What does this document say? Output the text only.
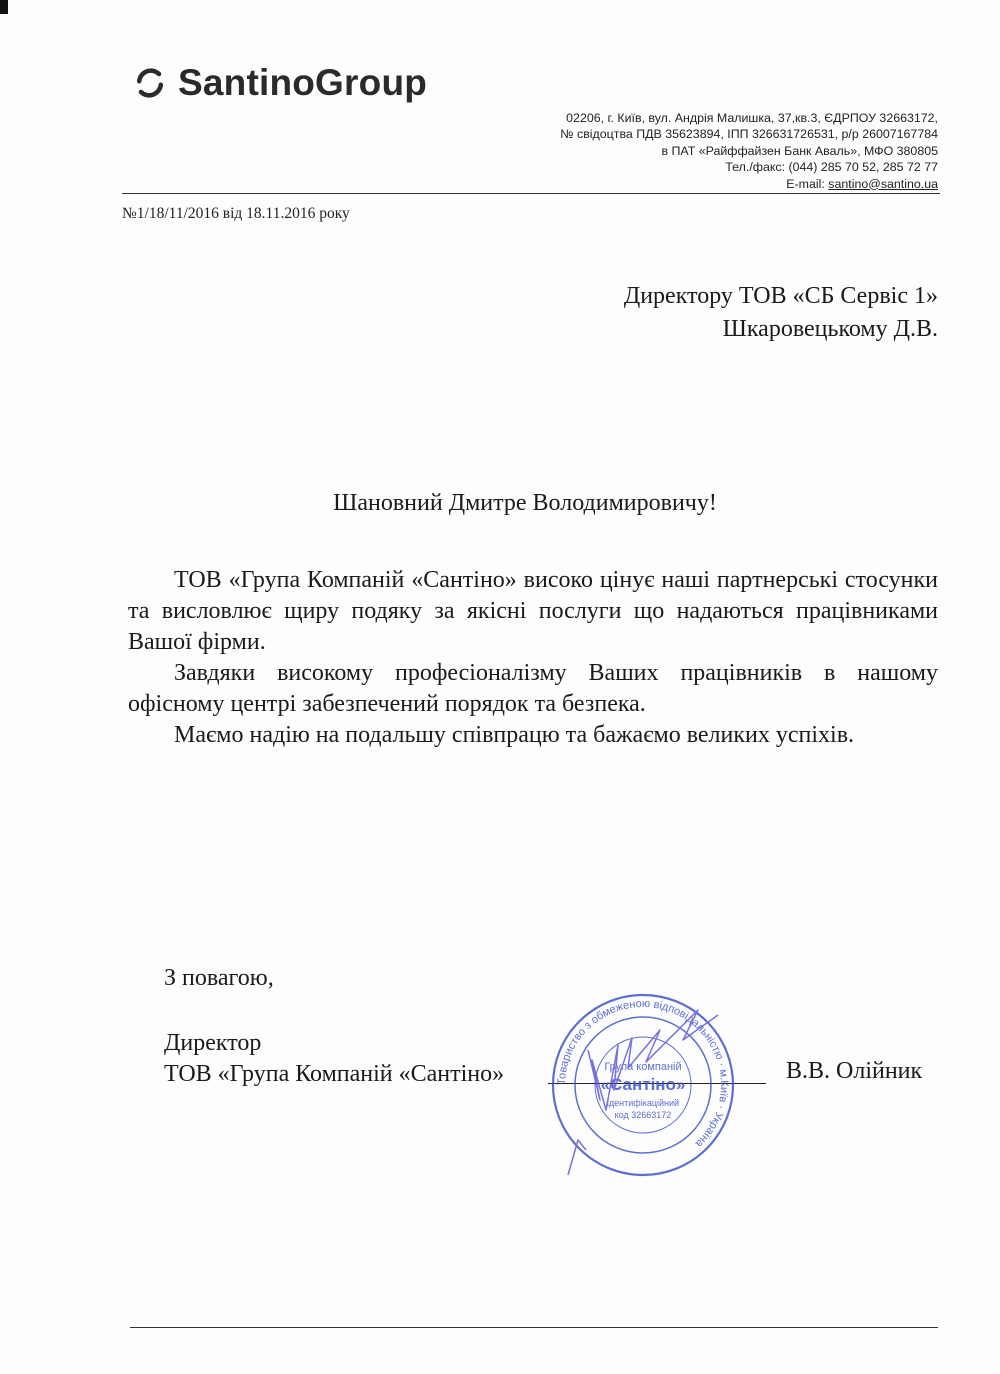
SantinoGroup
02206, г. Київ, вул. Андрія Малишка, 37,кв.3, ЄДРПОУ 32663172,
№ свідоцтва ПДВ 35623894, ІПП 326631726531, р/р 26007167784
в ПАТ «Райффайзен Банк Аваль», МФО 380805
Тел./факс: (044) 285 70 52, 285 72 77
E-mail: santino@santino.ua
№1/18/11/2016 від 18.11.2016 року
Директору ТОВ «СБ Сервіс 1»
Шкаровецькому Д.В.
Шановний Дмитре Володимировичу!

ТОВ «Група Компаній «Сантіно» високо цінує наші партнерські стосунки та висловлює щиру подяку за якісні послуги що надаються працівниками Вашої фірми.

Завдяки високому професіоналізму Ваших працівників в нашому офісному центрі забезпечений порядок та безпека.

Маємо надію на подальшу співпрацю та бажаємо великих успіхів.

З повагою,
Директор
ТОВ «Група Компаній «Сантіно»	Товариство з обмеженою відповідальністю · м.Київ · Україна
Група компаній
«Сантіно»
ідентифікаційний
код 32663172
В.В. Олійник
